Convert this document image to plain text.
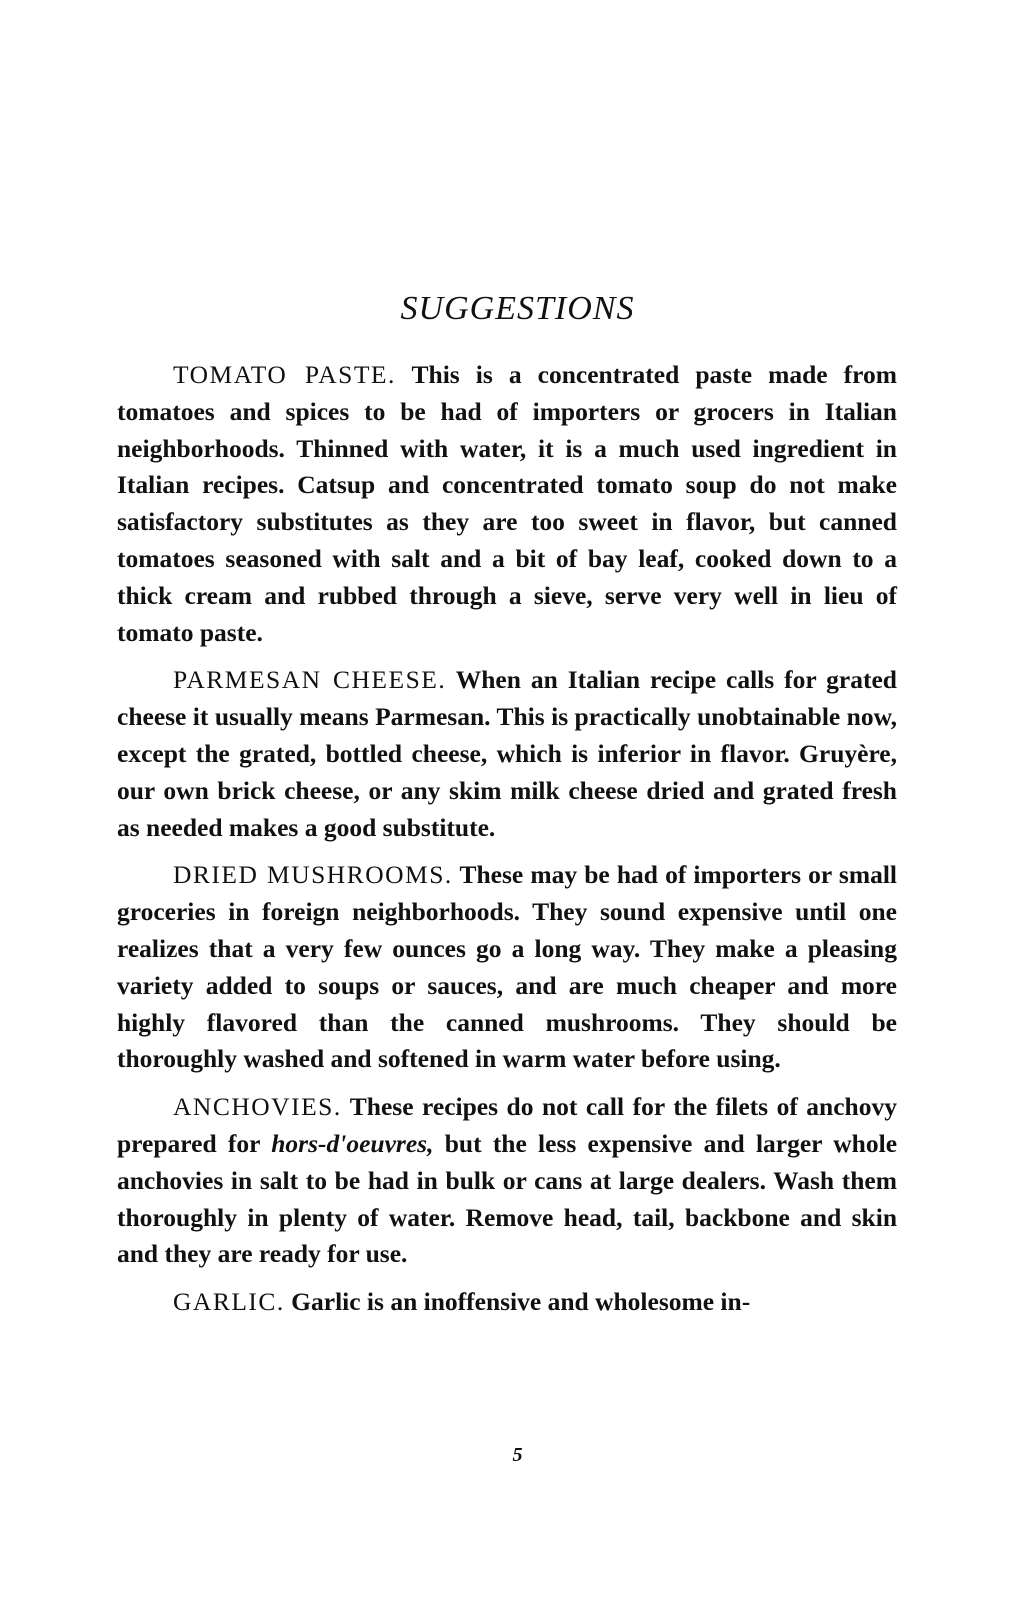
SUGGESTIONS

TOMATO PASTE. This is a concentrated paste made from tomatoes and spices to be had of importers or grocers in Italian neighborhoods. Thinned with water, it is a much used ingredient in Italian recipes. Catsup and concentrated tomato soup do not make satisfactory substitutes as they are too sweet in flavor, but canned tomatoes seasoned with salt and a bit of bay leaf, cooked down to a thick cream and rubbed through a sieve, serve very well in lieu of tomato paste.

PARMESAN CHEESE. When an Italian recipe calls for grated cheese it usually means Parmesan. This is practically unobtainable now, except the grated, bottled cheese, which is inferior in flavor. Gruyère, our own brick cheese, or any skim milk cheese dried and grated fresh as needed makes a good substitute.

DRIED MUSHROOMS. These may be had of importers or small groceries in foreign neighborhoods. They sound expensive until one realizes that a very few ounces go a long way. They make a pleasing variety added to soups or sauces, and are much cheaper and more highly flavored than the canned mushrooms. They should be thoroughly washed and softened in warm water before using.

ANCHOVIES. These recipes do not call for the filets of anchovy prepared for hors-d'oeuvres, but the less expensive and larger whole anchovies in salt to be had in bulk or cans at large dealers. Wash them thoroughly in plenty of water. Remove head, tail, backbone and skin and they are ready for use.

GARLIC. Garlic is an inoffensive and wholesome in-

5
